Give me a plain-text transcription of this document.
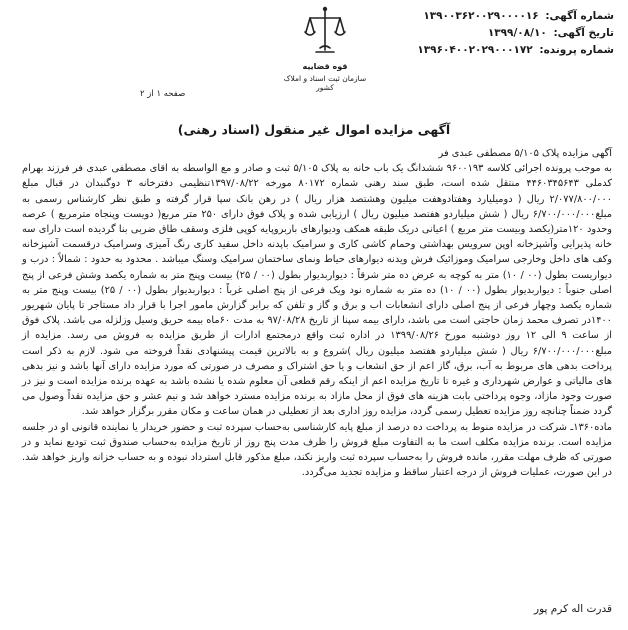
شماره آگهی: ۱۳۹۰۰۳۶۲۰۰۲۹۰۰۰۰۱۶
تاریخ آگهی: ۱۳۹۹/۰۸/۱۰
شماره پرونده: ۱۳۹۶۰۴۰۰۲۰۲۹۰۰۰۱۷۲
قوه قضاییه
سازمان ثبت اسناد و املاک کشور
صفحه ۱ از ۲
آگهی مزایده اموال غیر منقول (اسناد رهنی)

آگهی مزایده پلاک ۵/۱۰۵ مصطفی عبدی فر

به موجب پرونده اجرائی کلاسه ۹۶۰۰۱۹۳ ششدانگ یک باب خانه به پلاک ۵/۱۰۵ ثبت و صادر و مع الواسطه به اقای مصطفی عبدی فر فرزند بهرام کدملی ۴۴۶۰۳۴۵۶۴۳ منتقل شده است، طبق سند رهنی شماره ۸۰۱۷۲ مورخه ۱۳۹۷/۰۸/۲۲تنظیمی دفترخانه ۳ دوگنبدان در قبال مبلغ ۲/۰۷۷/۸۰۰/۰۰۰ ریال ( دومیلیارد وهفتادوهفت میلیون وهشتصد هزار ریال ) در رهن بانک سپا قرار گرفته و طبق نظر کارشناس رسمی به مبلغ۶/۷۰۰/۰۰۰/۰۰۰ ریال ( شش میلیاردو هفتصد میلیون ریال ) ارزیابی شده و پلاک فوق دارای ۲۵۰ متر مربع( دویست وپنجاه مترمربع ) عرصه وحدود ۱۲۰متر(یکصد وبیست متر مربع ) اعیانی دریک طبقه همکف ودیوارهای باربروپایه کوپی فلزی وسقف طاق ضربی بنا گردیده است دارای سه خانه پذیرایی وآشپزخانه اوپن سرویس بهداشتی وحمام کاشی کاری و سرامیک باپدنه داخل سفید کاری رنگ آمیزی وسرامیک درقسمت آشپزخانه وکف های داخل وخارجی سرامیک وموزائیک فرش ویدنه دیوارهای حیاط ونمای ساختمان سرامیک وسنگ میباشد . محدود به حدود : شمالاً : درب و دیواریست بطول (۰۰ / ۱۰) متر به کوچه به عرض ده متر شرقاً : دیواربدیوار بطول (۰۰ / ۲۵) بیست وپنج متر به شماره یکصد وشش فرعی از پنج اصلی جنوباً : دیواربدیوار بطول (۰۰ / ۱۰) ده متر به شماره نود ویک فرعی از پنج اصلی غرباً : دیواربدیوار بطول (۰۰ / ۲۵) بیست وپنج متر به شماره یکصد وچهار فرعی از پنج اصلی دارای انشعابات اب و برق و گاز و تلفن که برابر گزارش مامور اجرا با قرار داد مستاجر تا پایان شهریور ۱۴۰۰در تصرف محمد زمان حاجتی است می باشد، دارای بیمه سپنا از تاریخ ۹۷/۰۸/۲۸ به مدت ۶۰ماه بیمه حریق وسیل وزلزله می باشد. پلاک فوق از ساعت ۹ الی ۱۲ روز دوشنبه مورخ ۱۳۹۹/۰۸/۲۶ در اداره ثبت واقع درمجتمع ادارات از طریق مزایده به فروش می رسد. مزایده از مبلغ۶/۷۰۰/۰۰۰/۰۰۰ ریال ( شش میلیاردو هفتصد میلیون ریال )شروع و به بالاترین قیمت پیشنهادی نقداً فروخته می شود. لازم به ذکر است پرداخت بدهی های مربوط به آب، برق، گاز اعم از حق انشعاب و یا حق اشتراک و مصرف در صورتی که مورد مزایده دارای آنها باشد و نیز بدهی های مالیاتی و عوارض شهرداری و غیره تا تاریخ مزایده اعم از اینکه رقم قطعی آن معلوم شده یا نشده باشد به عهده برنده مزایده است و نیز در صورت وجود مازاد، وجوه پرداختی بابت هزینه های فوق از محل مازاد به برنده مزایده مسترد خواهد شد و نیم عشر و حق مزایده نقداً وصول می گردد ضمناً چنانچه روز مزایده تعطیل رسمی گردد، مزایده روز اداری بعد از تعطیلی در همان ساعت و مکان مقرر برگزار خواهد شد.

ماده۱۳۶۰ـ شرکت در مزایده منوط به پرداخت ده درصد از مبلغ پایه کارشناسی به‌حساب سپرده ثبت و حضور خریدار یا نماینده قانونی او در جلسه مزایده است. برنده مزایده مکلف است ما به التفاوت مبلغ فروش را ظرف مدت پنج روز از تاریخ مزایده به‌حساب صندوق ثبت تودیع نماید و در صورتی که ظرف مهلت مقرر، مانده فروش را به‌حساب سپرده ثبت واریز نکند، مبلغ مذکور قابل استرداد نبوده و به حساب خزانه واریز خواهد شد. در این صورت، عملیات فروش از درجه اعتبار ساقط و مزایده تجدید می‌گردد.

قدرت اله کرم پور
